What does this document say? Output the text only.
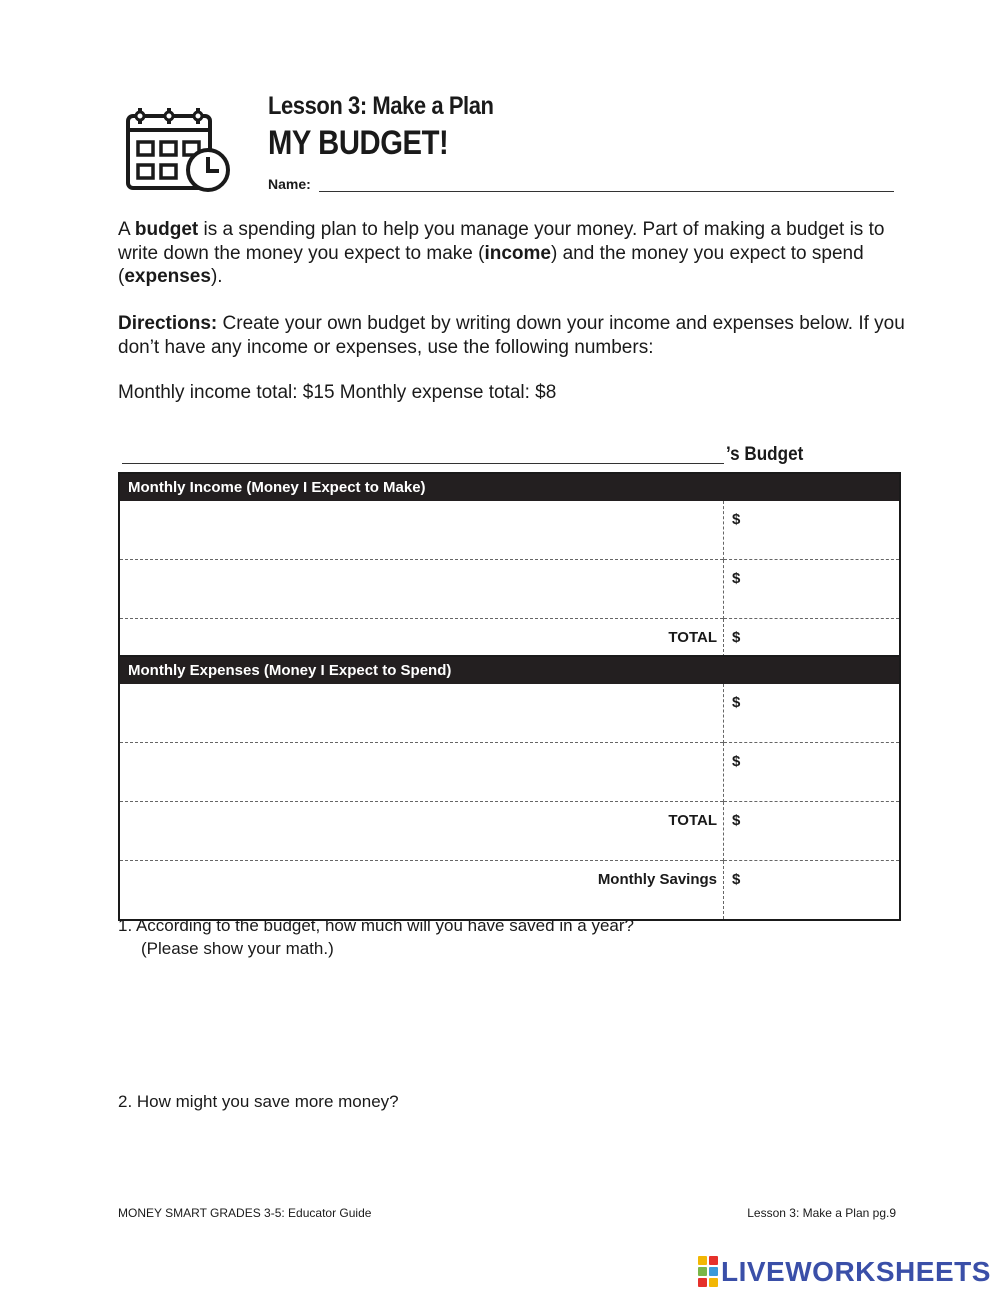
Lesson 3: Make a Plan
MY BUDGET!
Name:
A budget is a spending plan to help you manage your money. Part of making a budget is to write down the money you expect to make (income) and the money you expect to spend (expenses).
Directions: Create your own budget by writing down your income and expenses below. If you don’t have any income or expenses, use the following numbers:
Monthly income total: $15 Monthly expense total: $8
’s Budget
Monthly Income (Money I Expect to Make)	
	$
	$
TOTAL	$
Monthly Expenses (Money I Expect to Spend)	
	$
	$
TOTAL	$
Monthly Savings	$
1. According to the budget, how much will you have saved in a year?
(Please show your math.)
2. How might you save more money?
MONEY SMART GRADES 3-5: Educator Guide	Lesson 3: Make a Plan pg.9
LIVEWORKSHEETS
